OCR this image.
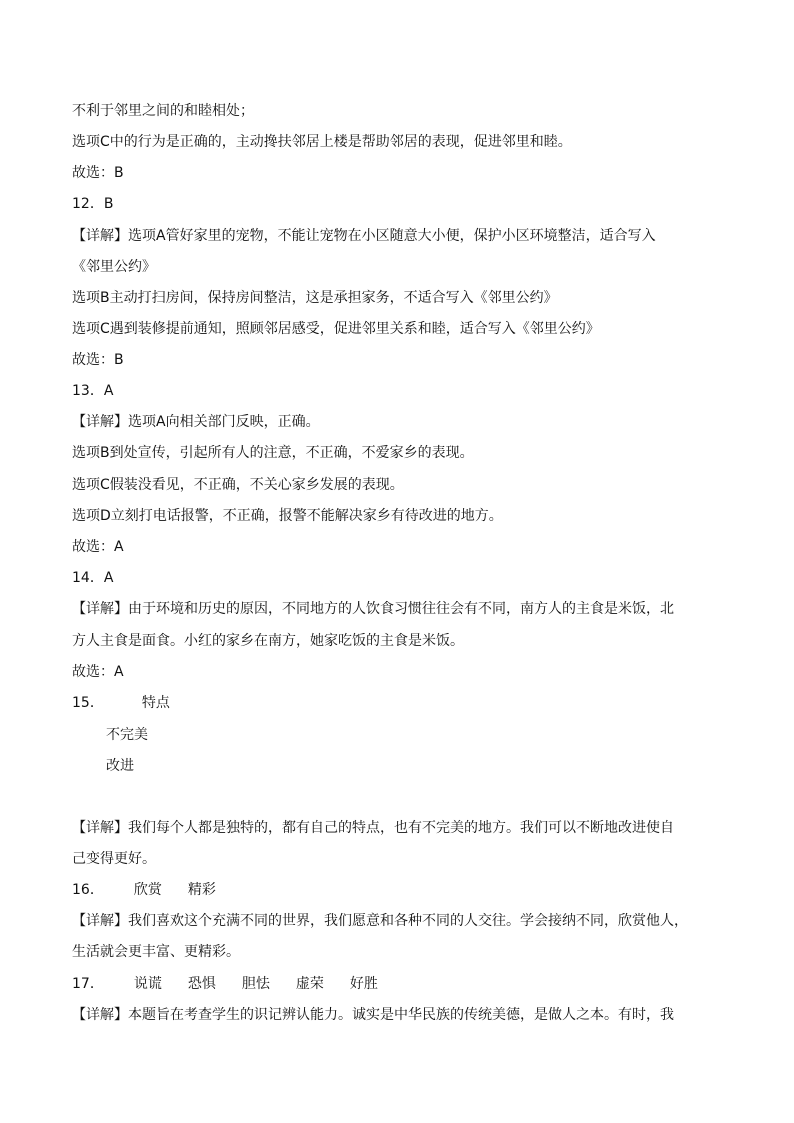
不利于邻里之间的和睦相处；
选项C中的行为是正确的，主动搀扶邻居上楼是帮助邻居的表现，促进邻里和睦。
故选：B
12．B
【详解】选项A管好家里的宠物，不能让宠物在小区随意大小便，保护小区环境整洁，适合写入
《邻里公约》
选项B主动打扫房间，保持房间整洁，这是承担家务，不适合写入《邻里公约》
选项C遇到装修提前通知，照顾邻居感受，促进邻里关系和睦，适合写入《邻里公约》
故选：B
13．A
【详解】选项A向相关部门反映，正确。
选项B到处宣传，引起所有人的注意，不正确，不爱家乡的表现。
选项C假装没看见，不正确，不关心家乡发展的表现。
选项D立刻打电话报警，不正确，报警不能解决家乡有待改进的地方。
故选：A
14．A
【详解】由于环境和历史的原因，不同地方的人饮食习惯往往会有不同，南方人的主食是米饭，北
方人主食是面食。小红的家乡在南方，她家吃饭的主食是米饭。
故选：A
15．	特点
不完美
改进
【详解】我们每个人都是独特的，都有自己的特点，也有不完美的地方。我们可以不断地改进使自
己变得更好。
16． 欣赏 精彩
【详解】我们喜欢这个充满不同的世界，我们愿意和各种不同的人交往。学会接纳不同，欣赏他人，
生活就会更丰富、更精彩。
17． 说谎 恐惧 胆怯 虚荣 好胜
【详解】本题旨在考查学生的识记辨认能力。诚实是中华民族的传统美德，是做人之本。有时，我
